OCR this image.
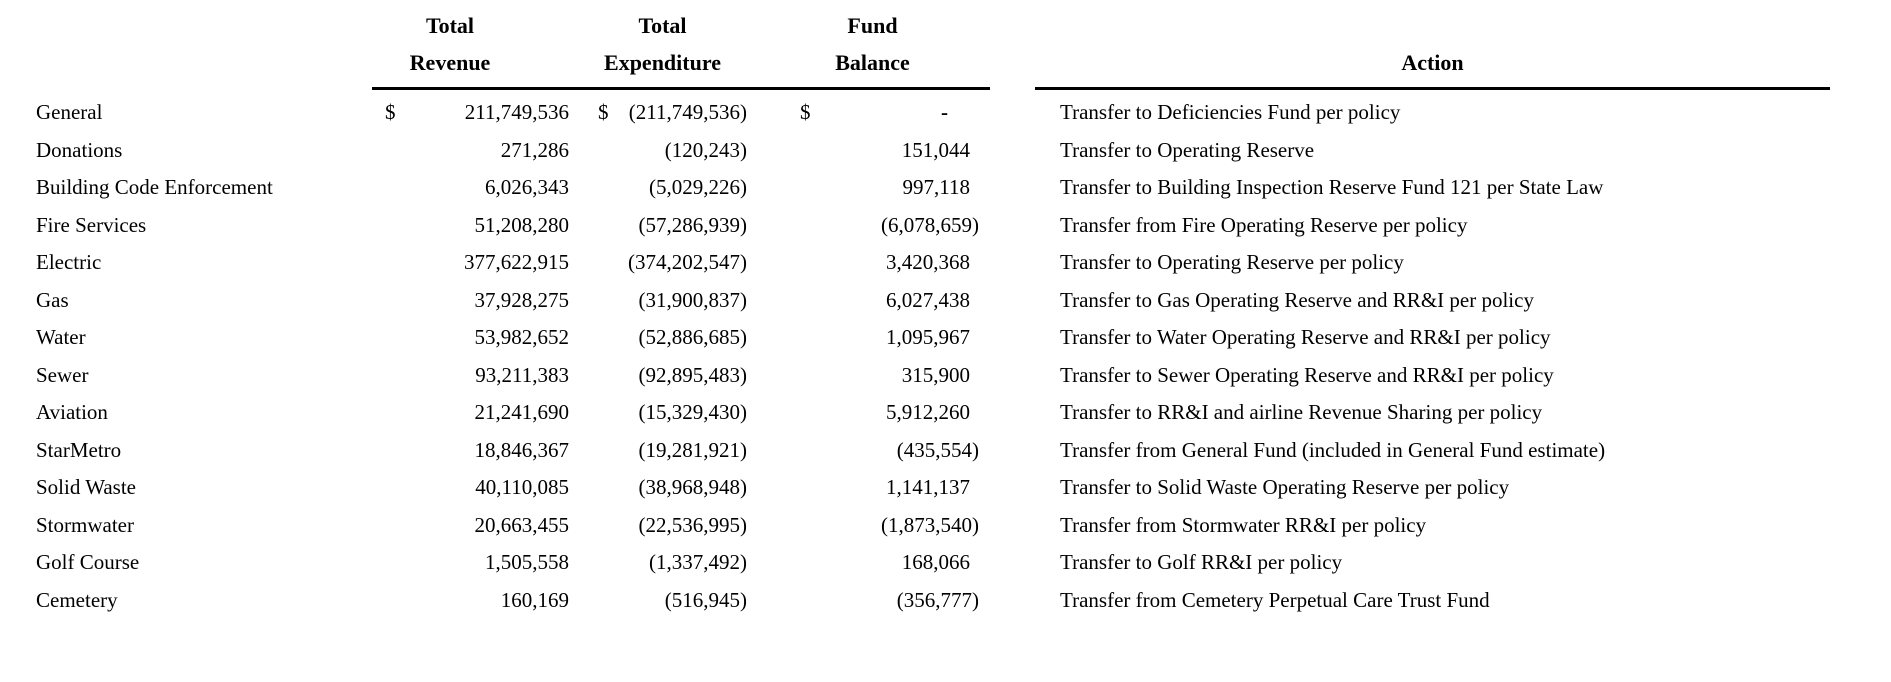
Total	Total	Fund
Revenue	Expenditure	Balance	Action
General	$	211,749,536	$ (211,749,536)	$	-	Transfer to Deficiencies Fund per policy
Donations	271,286	(120,243)	151,044	Transfer to Operating Reserve
Building Code Enforcement	6,026,343	(5,029,226)	997,118	Transfer to Building Inspection Reserve Fund 121 per State Law
Fire Services	51,208,280	(57,286,939)	(6,078,659)	Transfer from Fire Operating Reserve per policy
Electric	377,622,915	(374,202,547)	3,420,368	Transfer to Operating Reserve per policy
Gas	37,928,275	(31,900,837)	6,027,438	Transfer to Gas Operating Reserve and RR&I per policy
Water	53,982,652	(52,886,685)	1,095,967	Transfer to Water Operating Reserve and RR&I per policy
Sewer	93,211,383	(92,895,483)	315,900	Transfer to Sewer Operating Reserve and RR&I per policy
Aviation	21,241,690	(15,329,430)	5,912,260	Transfer to RR&I and airline Revenue Sharing per policy
StarMetro	18,846,367	(19,281,921)	(435,554)	Transfer from General Fund (included in General Fund estimate)
Solid Waste	40,110,085	(38,968,948)	1,141,137	Transfer to Solid Waste Operating Reserve per policy
Stormwater	20,663,455	(22,536,995)	(1,873,540)	Transfer from Stormwater RR&I per policy
Golf Course	1,505,558	(1,337,492)	168,066	Transfer to Golf RR&I per policy
Cemetery	160,169	(516,945)	(356,777)	Transfer from Cemetery Perpetual Care Trust Fund
